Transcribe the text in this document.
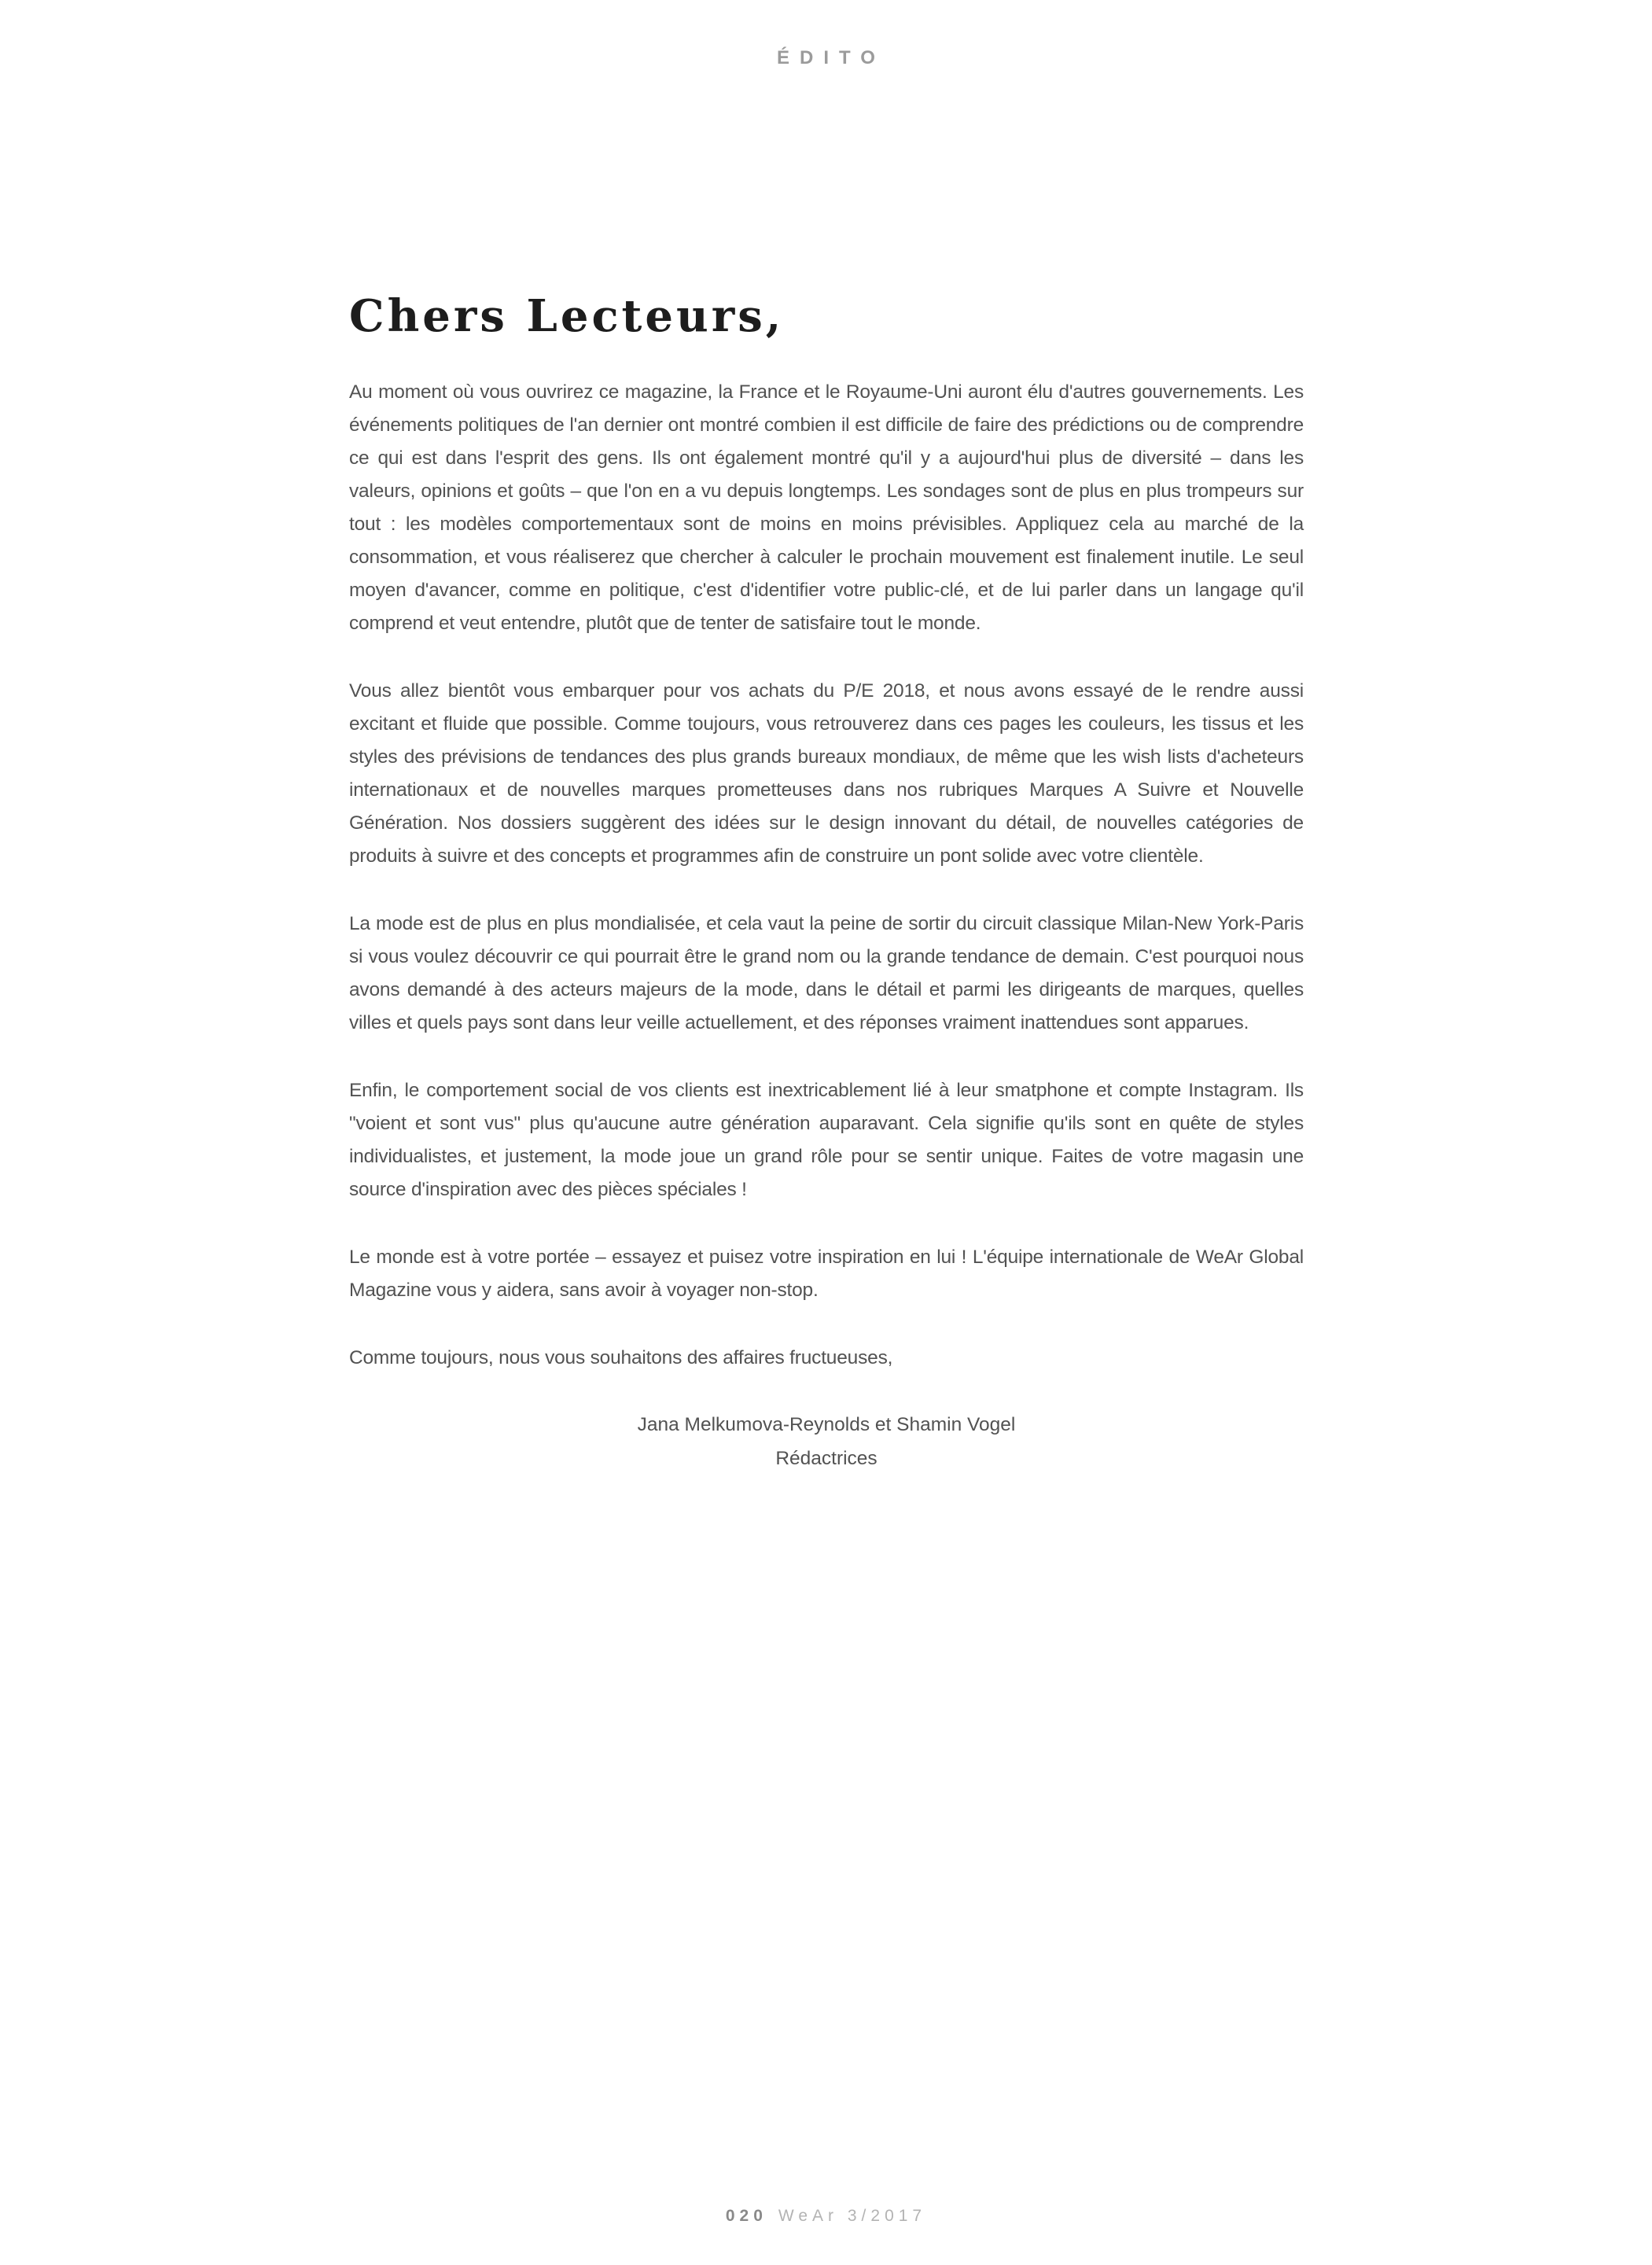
ÉDITO
Chers Lecteurs,

Au moment où vous ouvrirez ce magazine, la France et le Royaume-Uni auront élu d'autres gouvernements. Les événements politiques de l'an dernier ont montré combien il est difficile de faire des prédictions ou de comprendre ce qui est dans l'esprit des gens. Ils ont également montré qu'il y a aujourd'hui plus de diversité – dans les valeurs, opinions et goûts – que l'on en a vu depuis longtemps. Les sondages sont de plus en plus trompeurs sur tout : les modèles comportementaux sont de moins en moins prévisibles. Appliquez cela au marché de la consommation, et vous réaliserez que chercher à calculer le prochain mouvement est finalement inutile. Le seul moyen d'avancer, comme en politique, c'est d'identifier votre public-clé, et de lui parler dans un langage qu'il comprend et veut entendre, plutôt que de tenter de satisfaire tout le monde.

Vous allez bientôt vous embarquer pour vos achats du P/E 2018, et nous avons essayé de le rendre aussi excitant et fluide que possible. Comme toujours, vous retrouverez dans ces pages les couleurs, les tissus et les styles des prévisions de tendances des plus grands bureaux mondiaux, de même que les wish lists d'acheteurs internationaux et de nouvelles marques prometteuses dans nos rubriques Marques A Suivre et Nouvelle Génération. Nos dossiers suggèrent des idées sur le design innovant du détail, de nouvelles catégories de produits à suivre et des concepts et programmes afin de construire un pont solide avec votre clientèle.

La mode est de plus en plus mondialisée, et cela vaut la peine de sortir du circuit classique Milan-New York-Paris si vous voulez découvrir ce qui pourrait être le grand nom ou la grande tendance de demain. C'est pourquoi nous avons demandé à des acteurs majeurs de la mode, dans le détail et parmi les dirigeants de marques, quelles villes et quels pays sont dans leur veille actuellement, et des réponses vraiment inattendues sont apparues.

Enfin, le comportement social de vos clients est inextricablement lié à leur smatphone et compte Instagram. Ils "voient et sont vus" plus qu'aucune autre génération auparavant. Cela signifie qu'ils sont en quête de styles individualistes, et justement, la mode joue un grand rôle pour se sentir unique. Faites de votre magasin une source d'inspiration avec des pièces spéciales !

Le monde est à votre portée – essayez et puisez votre inspiration en lui ! L'équipe internationale de WeAr Global Magazine vous y aidera, sans avoir à voyager non-stop.

Comme toujours, nous vous souhaitons des affaires fructueuses,

Jana Melkumova-Reynolds et Shamin Vogel
Rédactrices
020 WeAr 3/2017
